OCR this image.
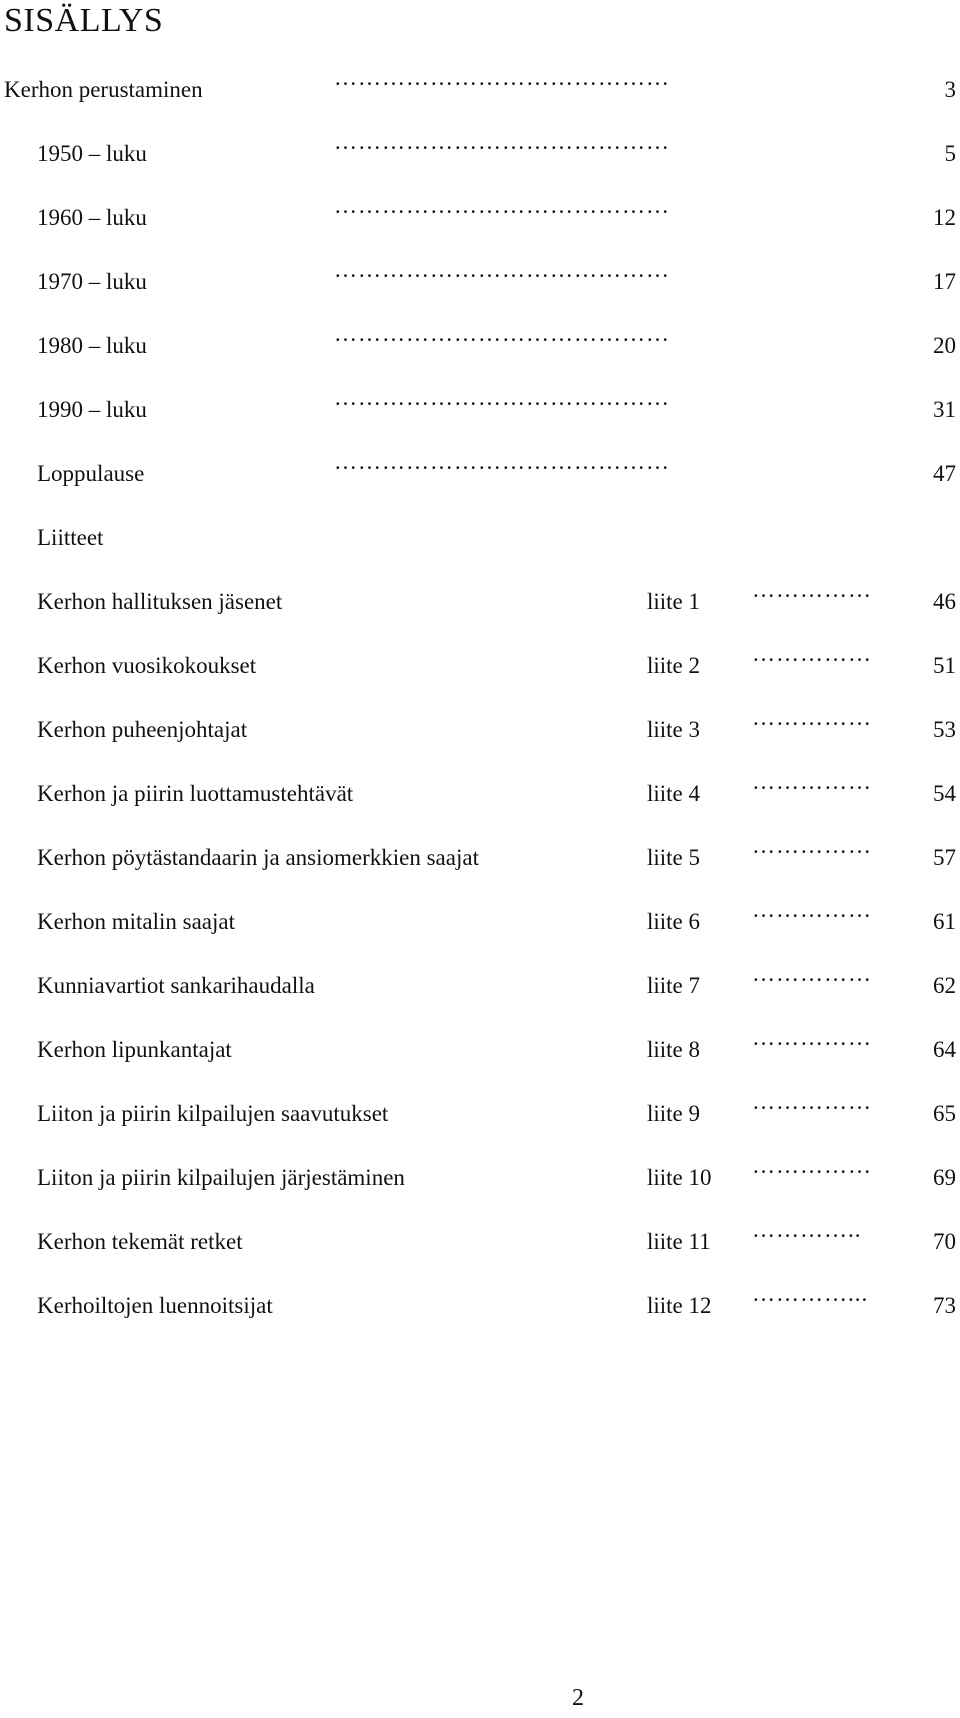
SISÄLLYS
Kerhon perustaminen	……………………………………	3
1950 – luku	……………………………………	5
1960 – luku	……………………………………	12
1970 – luku	……………………………………	17
1980 – luku	……………………………………	20
1990 – luku	……………………………………	31
Loppulause	……………………………………	47
Liitteet
Kerhon hallituksen jäsenet	liite 1 ……………	46
Kerhon vuosikokoukset	liite 2 ……………	51
Kerhon puheenjohtajat	liite 3 ……………	53
Kerhon ja piirin luottamustehtävät	liite 4 ……………	54
Kerhon pöytästandaarin ja ansiomerkkien saajat	liite 5 ……………	57
Kerhon mitalin saajat	liite 6 ……………	61
Kunniavartiot sankarihaudalla	liite 7 ……………	62
Kerhon lipunkantajat	liite 8 ……………	64
Liiton ja piirin kilpailujen saavutukset	liite 9 ……………	65
Liiton ja piirin kilpailujen järjestäminen	liite 10 ……………	69
Kerhon tekemät retket	liite 11 …………..	70
Kerhoiltojen luennoitsijat	liite 12 …………...	73
2
